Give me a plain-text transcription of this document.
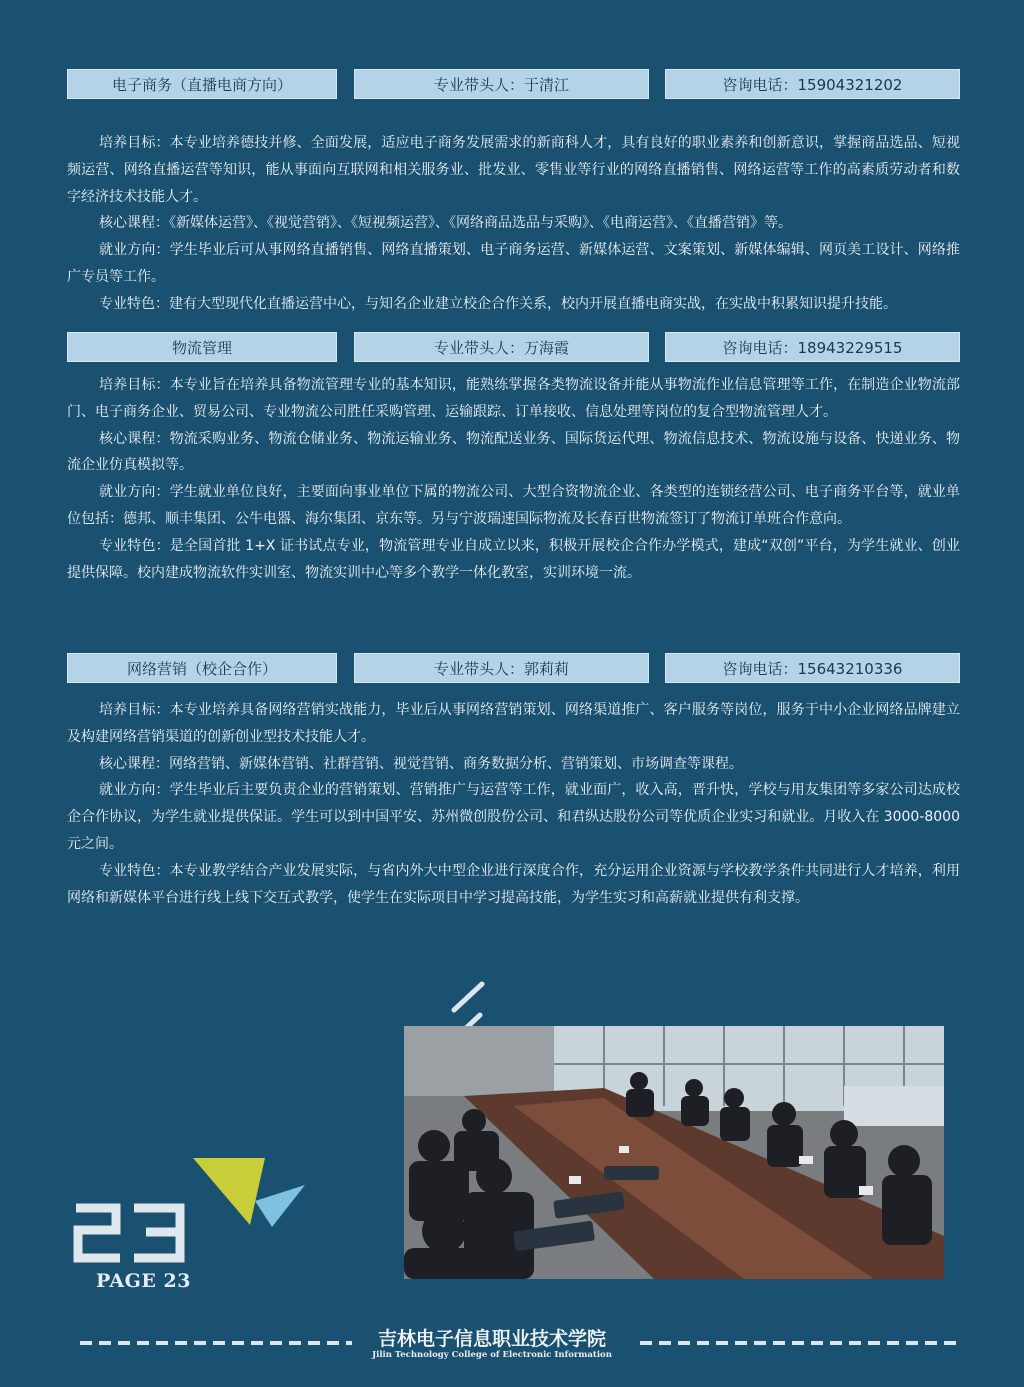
电子商务（直播电商方向）	专业带头人：于清江	咨询电话：15904321202

培养目标：本专业培养德技并修、全面发展，适应电子商务发展需求的新商科人才，具有良好的职业素养和创新意识，掌握商品选品、短视频运营、网络直播运营等知识，能从事面向互联网和相关服务业、批发业、零售业等行业的网络直播销售、网络运营等工作的高素质劳动者和数字经济技术技能人才。

核心课程：《新媒体运营》、《视觉营销》、《短视频运营》、《网络商品选品与采购》、《电商运营》、《直播营销》等。

就业方向：学生毕业后可从事网络直播销售、网络直播策划、电子商务运营、新媒体运营、文案策划、新媒体编辑、网页美工设计、网络推广专员等工作。

专业特色：建有大型现代化直播运营中心，与知名企业建立校企合作关系，校内开展直播电商实战，在实战中积累知识提升技能。

物流管理	专业带头人：万海霞	咨询电话：18943229515

培养目标：本专业旨在培养具备物流管理专业的基本知识，能熟练掌握各类物流设备并能从事物流作业信息管理等工作，在制造企业物流部门、电子商务企业、贸易公司、专业物流公司胜任采购管理、运输跟踪、订单接收、信息处理等岗位的复合型物流管理人才。

核心课程：物流采购业务、物流仓储业务、物流运输业务、物流配送业务、国际货运代理、物流信息技术、物流设施与设备、快递业务、物流企业仿真模拟等。

就业方向：学生就业单位良好，主要面向事业单位下属的物流公司、大型合资物流企业、各类型的连锁经营公司、电子商务平台等，就业单位包括：德邦、顺丰集团、公牛电器、海尔集团、京东等。另与宁波瑞速国际物流及长春百世物流签订了物流订单班合作意向。

专业特色：是全国首批 1+X 证书试点专业，物流管理专业自成立以来，积极开展校企合作办学模式，建成“双创”平台，为学生就业、创业提供保障。校内建成物流软件实训室、物流实训中心等多个教学一体化教室，实训环境一流。

网络营销（校企合作）	专业带头人：郭莉莉	咨询电话：15643210336

培养目标：本专业培养具备网络营销实战能力，毕业后从事网络营销策划、网络渠道推广、客户服务等岗位，服务于中小企业网络品牌建立及构建网络营销渠道的创新创业型技术技能人才。

核心课程：网络营销、新媒体营销、社群营销、视觉营销、商务数据分析、营销策划、市场调查等课程。

就业方向：学生毕业后主要负责企业的营销策划、营销推广与运营等工作，就业面广，收入高，晋升快，学校与用友集团等多家公司达成校企合作协议，为学生就业提供保证。学生可以到中国平安、苏州微创股份公司、和君纵达股份公司等优质企业实习和就业。月收入在 3000-8000 元之间。

专业特色：本专业教学结合产业发展实际，与省内外大中型企业进行深度合作，充分运用企业资源与学校教学条件共同进行人才培养，利用网络和新媒体平台进行线上线下交互式教学，使学生在实际项目中学习提高技能，为学生实习和高薪就业提供有利支撑。

PAGE 23
吉林电子信息职业技术学院
Jilin Technology College of Electronic Information
